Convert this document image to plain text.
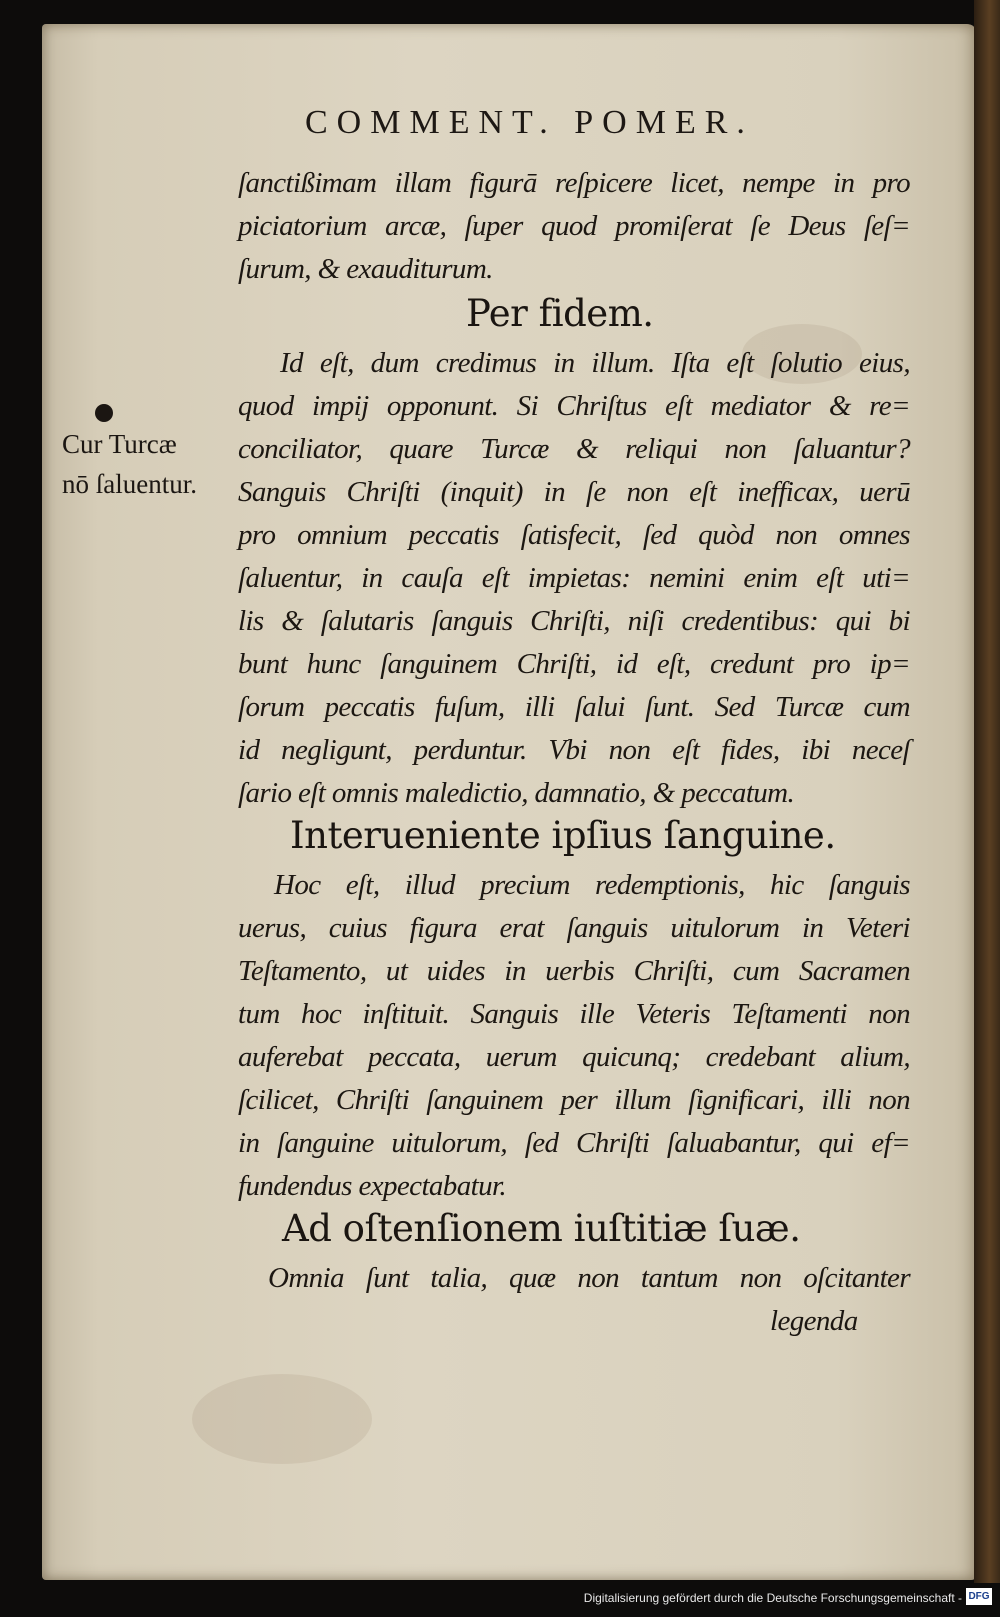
COMMENT. POMER.
Cur Turcæ
nō ſaluentur.
ſanctißimam illam figurā reſpicere licet, nempe in pro
piciatorium arcæ, ſuper quod promiſerat ſe Deus ſeſ=
ſurum, & exauditurum.
Per fidem.
Id eſt, dum credimus in illum. Iſta eſt ſolutio eius,
quod impij opponunt. Si Chriſtus eſt mediator & re=
conciliator, quare Turcæ & reliqui non ſaluantur?
Sanguis Chriſti (inquit) in ſe non eſt inefficax, uerū
pro omnium peccatis ſatisfecit, ſed quòd non omnes
ſaluentur, in cauſa eſt impietas: nemini enim eſt uti=
lis & ſalutaris ſanguis Chriſti, niſi credentibus: qui bi
bunt hunc ſanguinem Chriſti, id eſt, credunt pro ip=
ſorum peccatis fuſum, illi ſalui ſunt. Sed Turcæ cum
id negligunt, perduntur. Vbi non eſt fides, ibi neceſ
ſario eſt omnis maledictio, damnatio, & peccatum.
Interueniente ipſius ſanguine.
Hoc eſt, illud precium redemptionis, hic ſanguis
uerus, cuius figura erat ſanguis uitulorum in Veteri
Teſtamento, ut uides in uerbis Chriſti, cum Sacramen
tum hoc inſtituit. Sanguis ille Veteris Teſtamenti non
auferebat peccata, uerum quicunq; credebant alium,
ſcilicet, Chriſti ſanguinem per illum ſignificari, illi non
in ſanguine uitulorum, ſed Chriſti ſaluabantur, qui ef=
fundendus expectabatur.
Ad oſtenſionem iuſtitiæ ſuæ.
Omnia ſunt talia, quæ non tantum non oſcitanter
legenda
Digitalisierung gefördert durch die Deutsche Forschungsgemeinschaft - DFG
